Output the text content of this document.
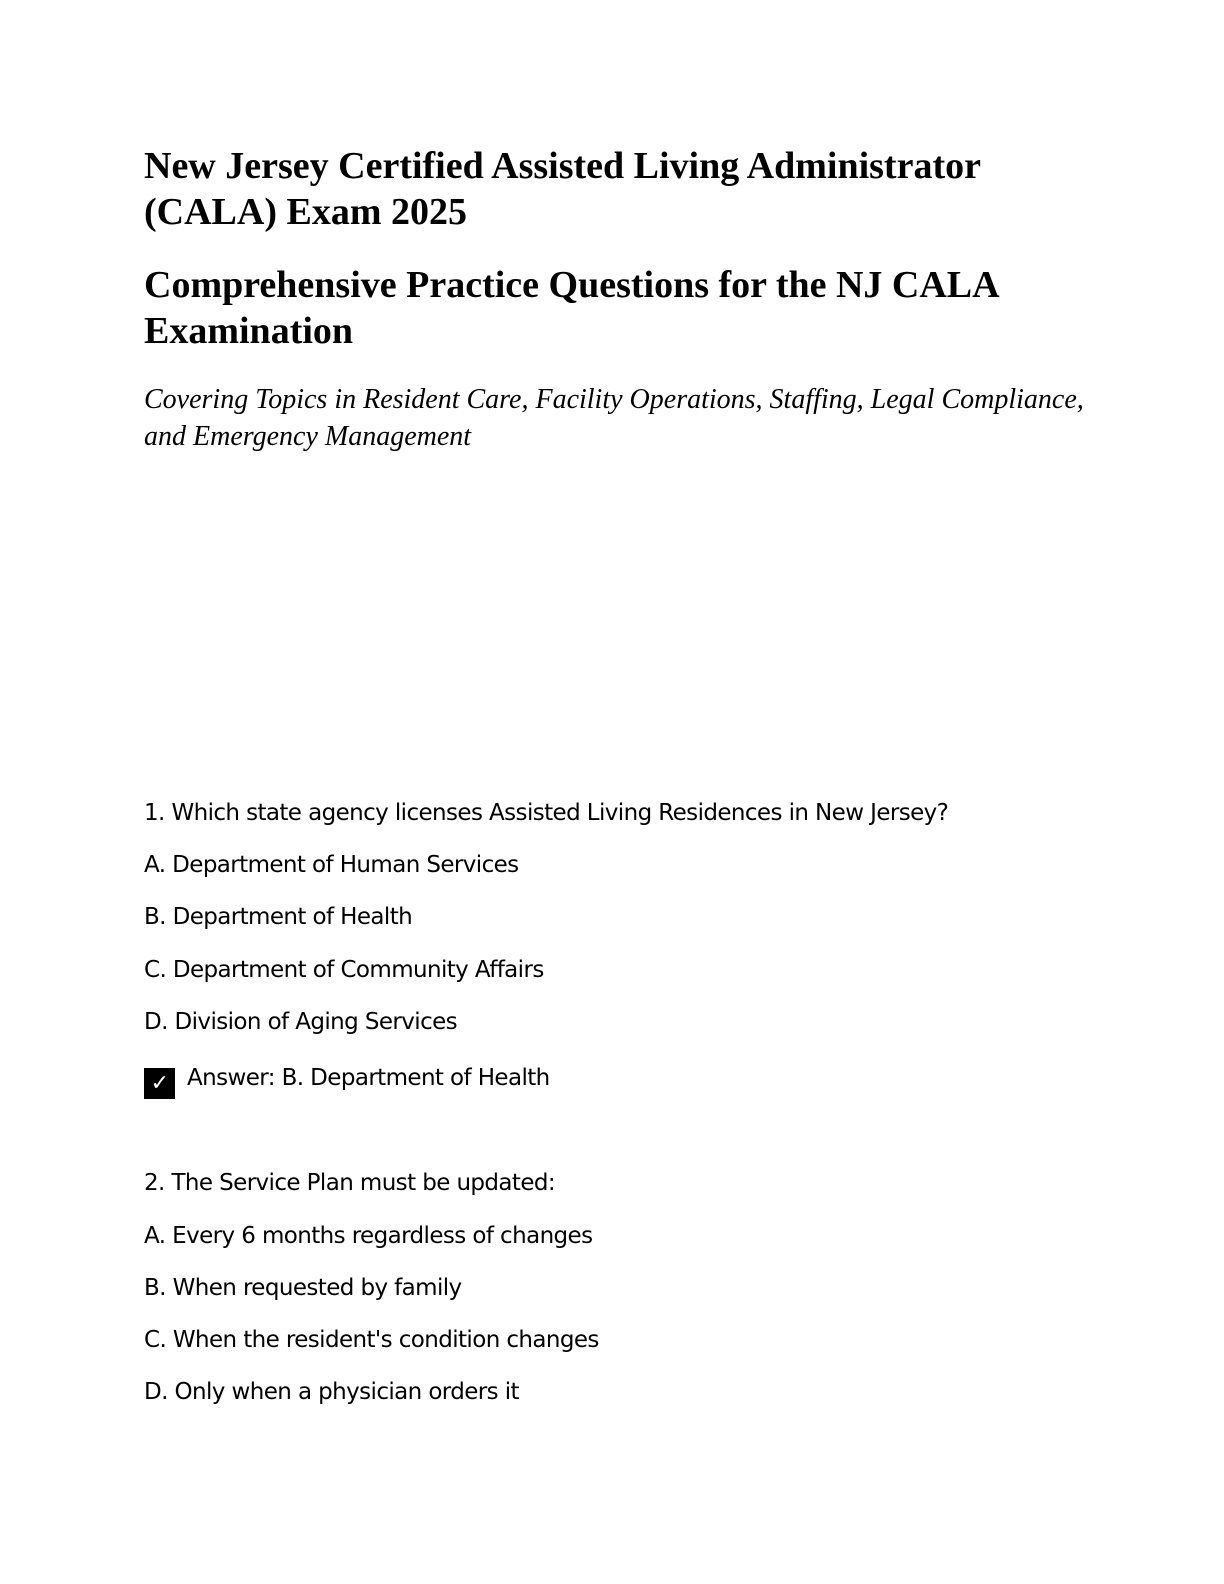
New Jersey Certified Assisted Living Administrator (CALA) Exam 2025
Comprehensive Practice Questions for the NJ CALA Examination

Covering Topics in Resident Care, Facility Operations, Staffing, Legal Compliance, and Emergency Management

1. Which state agency licenses Assisted Living Residences in New Jersey?
A. Department of Human Services
B. Department of Health
C. Department of Community Affairs
D. Division of Aging Services
✓ Answer: B. Department of Health
2. The Service Plan must be updated:
A. Every 6 months regardless of changes
B. When requested by family
C. When the resident's condition changes
D. Only when a physician orders it
